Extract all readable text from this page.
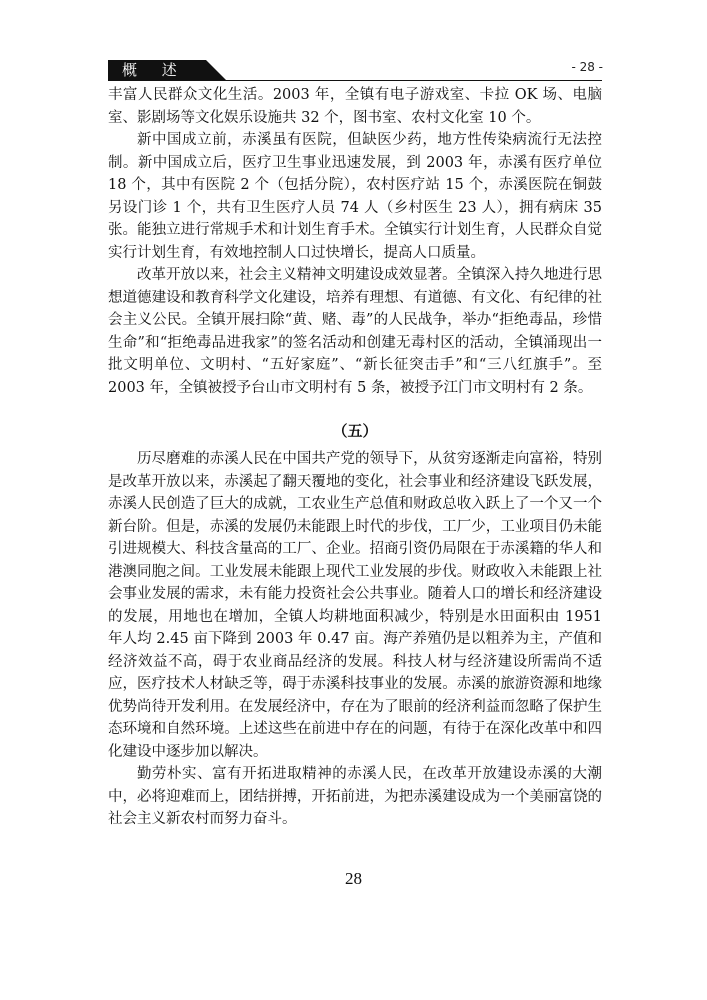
概 述	- 28 -

丰富人民群众文化生活。2003 年，全镇有电子游戏室、卡拉 OK 场、电脑室、影剧场等文化娱乐设施共 32 个，图书室、农村文化室 10 个。

新中国成立前，赤溪虽有医院，但缺医少药，地方性传染病流行无法控制。新中国成立后，医疗卫生事业迅速发展，到 2003 年，赤溪有医疗单位 18 个，其中有医院 2 个（包括分院），农村医疗站 15 个，赤溪医院在铜鼓另设门诊 1 个，共有卫生医疗人员 74 人（乡村医生 23 人），拥有病床 35 张。能独立进行常规手术和计划生育手术。全镇实行计划生育，人民群众自觉实行计划生育，有效地控制人口过快增长，提高人口质量。

改革开放以来，社会主义精神文明建设成效显著。全镇深入持久地进行思想道德建设和教育科学文化建设，培养有理想、有道德、有文化、有纪律的社会主义公民。全镇开展扫除“黄、赌、毒”的人民战争，举办“拒绝毒品，珍惜生命”和“拒绝毒品进我家”的签名活动和创建无毒村区的活动，全镇涌现出一批文明单位、文明村、“五好家庭”、“新长征突击手”和“三八红旗手”。至 2003 年，全镇被授予台山市文明村有 5 条，被授予江门市文明村有 2 条。

（五）

历尽磨难的赤溪人民在中国共产党的领导下，从贫穷逐渐走向富裕，特别是改革开放以来，赤溪起了翻天覆地的变化，社会事业和经济建设飞跃发展，赤溪人民创造了巨大的成就，工农业生产总值和财政总收入跃上了一个又一个新台阶。但是，赤溪的发展仍未能跟上时代的步伐，工厂少，工业项目仍未能引进规模大、科技含量高的工厂、企业。招商引资仍局限在于赤溪籍的华人和港澳同胞之间。工业发展未能跟上现代工业发展的步伐。财政收入未能跟上社会事业发展的需求，未有能力投资社会公共事业。随着人口的增长和经济建设的发展，用地也在增加，全镇人均耕地面积减少，特别是水田面积由 1951 年人均 2.45 亩下降到 2003 年 0.47 亩。海产养殖仍是以粗养为主，产值和经济效益不高，碍于农业商品经济的发展。科技人材与经济建设所需尚不适应，医疗技术人材缺乏等，碍于赤溪科技事业的发展。赤溪的旅游资源和地缘优势尚待开发利用。在发展经济中，存在为了眼前的经济利益而忽略了保护生态环境和自然环境。上述这些在前进中存在的问题，有待于在深化改革中和四化建设中逐步加以解决。

勤劳朴实、富有开拓进取精神的赤溪人民，在改革开放建设赤溪的大潮中，必将迎难而上，团结拼搏，开拓前进，为把赤溪建设成为一个美丽富饶的社会主义新农村而努力奋斗。

28
